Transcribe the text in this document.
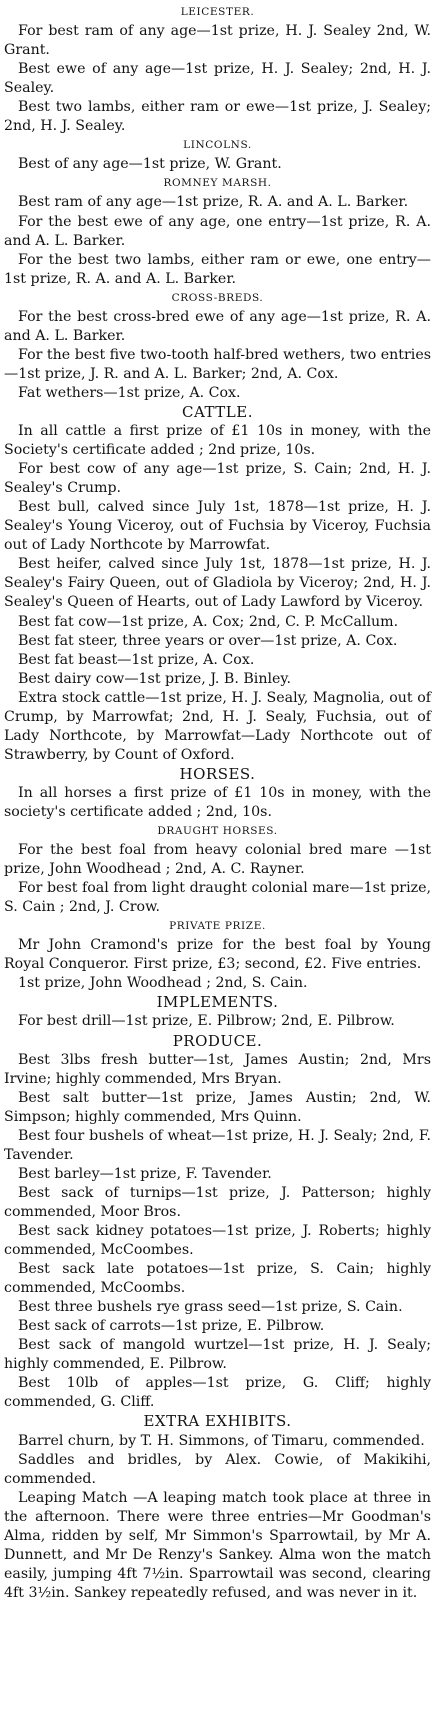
LEICESTER.
For best ram of any age—1st prize, H. J. Sealey 2nd, W. Grant.
Best ewe of any age—1st prize, H. J. Sealey; 2nd, H. J. Sealey.
Best two lambs, either ram or ewe—1st prize, J. Sealey; 2nd, H. J. Sealey.
LINCOLNS.
Best of any age—1st prize, W. Grant.
ROMNEY MARSH.
Best ram of any age—1st prize, R. A. and A. L. Barker.
For the best ewe of any age, one entry—1st prize, R. A. and A. L. Barker.
For the best two lambs, either ram or ewe, one entry—1st prize, R. A. and A. L. Barker.
CROSS-BREDS.
For the best cross-bred ewe of any age—1st prize, R. A. and A. L. Barker.
For the best five two-tooth half-bred wethers, two entries—1st prize, J. R. and A. L. Barker; 2nd, A. Cox.
Fat wethers—1st prize, A. Cox.
CATTLE.
In all cattle a first prize of £1 10s in money, with the Society's certificate added ; 2nd prize, 10s.
For best cow of any age—1st prize, S. Cain; 2nd, H. J. Sealey's Crump.
Best bull, calved since July 1st, 1878—1st prize, H. J. Sealey's Young Viceroy, out of Fuchsia by Viceroy, Fuchsia out of Lady Northcote by Marrowfat.
Best heifer, calved since July 1st, 1878—1st prize, H. J. Sealey's Fairy Queen, out of Gladiola by Viceroy; 2nd, H. J. Sealey's Queen of Hearts, out of Lady Lawford by Viceroy.
Best fat cow—1st prize, A. Cox; 2nd, C. P. McCallum.
Best fat steer, three years or over—1st prize, A. Cox.
Best fat beast—1st prize, A. Cox.
Best dairy cow—1st prize, J. B. Binley.
Extra stock cattle—1st prize, H. J. Sealy, Magnolia, out of Crump, by Marrowfat; 2nd, H. J. Sealy, Fuchsia, out of Lady Northcote, by Marrowfat—Lady Northcote out of Strawberry, by Count of Oxford.
HORSES.
In all horses a first prize of £1 10s in money, with the society's certificate added ; 2nd, 10s.
DRAUGHT HORSES.
For the best foal from heavy colonial bred mare —1st prize, John Woodhead ; 2nd, A. C. Rayner.
For best foal from light draught colonial mare—1st prize, S. Cain ; 2nd, J. Crow.
PRIVATE PRIZE.
Mr John Cramond's prize for the best foal by Young Royal Conqueror. First prize, £3; second, £2. Five entries.
1st prize, John Woodhead ; 2nd, S. Cain.
IMPLEMENTS.
For best drill—1st prize, E. Pilbrow; 2nd, E. Pilbrow.
PRODUCE.
Best 3lbs fresh butter—1st, James Austin; 2nd, Mrs Irvine; highly commended, Mrs Bryan.
Best salt butter—1st prize, James Austin; 2nd, W. Simpson; highly commended, Mrs Quinn.
Best four bushels of wheat—1st prize, H. J. Sealy; 2nd, F. Tavender.
Best barley—1st prize, F. Tavender.
Best sack of turnips—1st prize, J. Patterson; highly commended, Moor Bros.
Best sack kidney potatoes—1st prize, J. Roberts; highly commended, McCoombes.
Best sack late potatoes—1st prize, S. Cain; highly commended, McCoombs.
Best three bushels rye grass seed—1st prize, S. Cain.
Best sack of carrots—1st prize, E. Pilbrow.
Best sack of mangold wurtzel—1st prize, H. J. Sealy; highly commended, E. Pilbrow.
Best 10lb of apples—1st prize, G. Cliff; highly commended, G. Cliff.
EXTRA EXHIBITS.
Barrel churn, by T. H. Simmons, of Timaru, commended.
Saddles and bridles, by Alex. Cowie, of Makikihi, commended.
Leaping Match —A leaping match took place at three in the afternoon. There were three entries—Mr Goodman's Alma, ridden by self, Mr Simmon's Sparrowtail, by Mr A. Dunnett, and Mr De Renzy's Sankey. Alma won the match easily, jumping 4ft 7½in. Sparrowtail was second, clearing 4ft 3½in. Sankey repeatedly refused, and was never in it.
